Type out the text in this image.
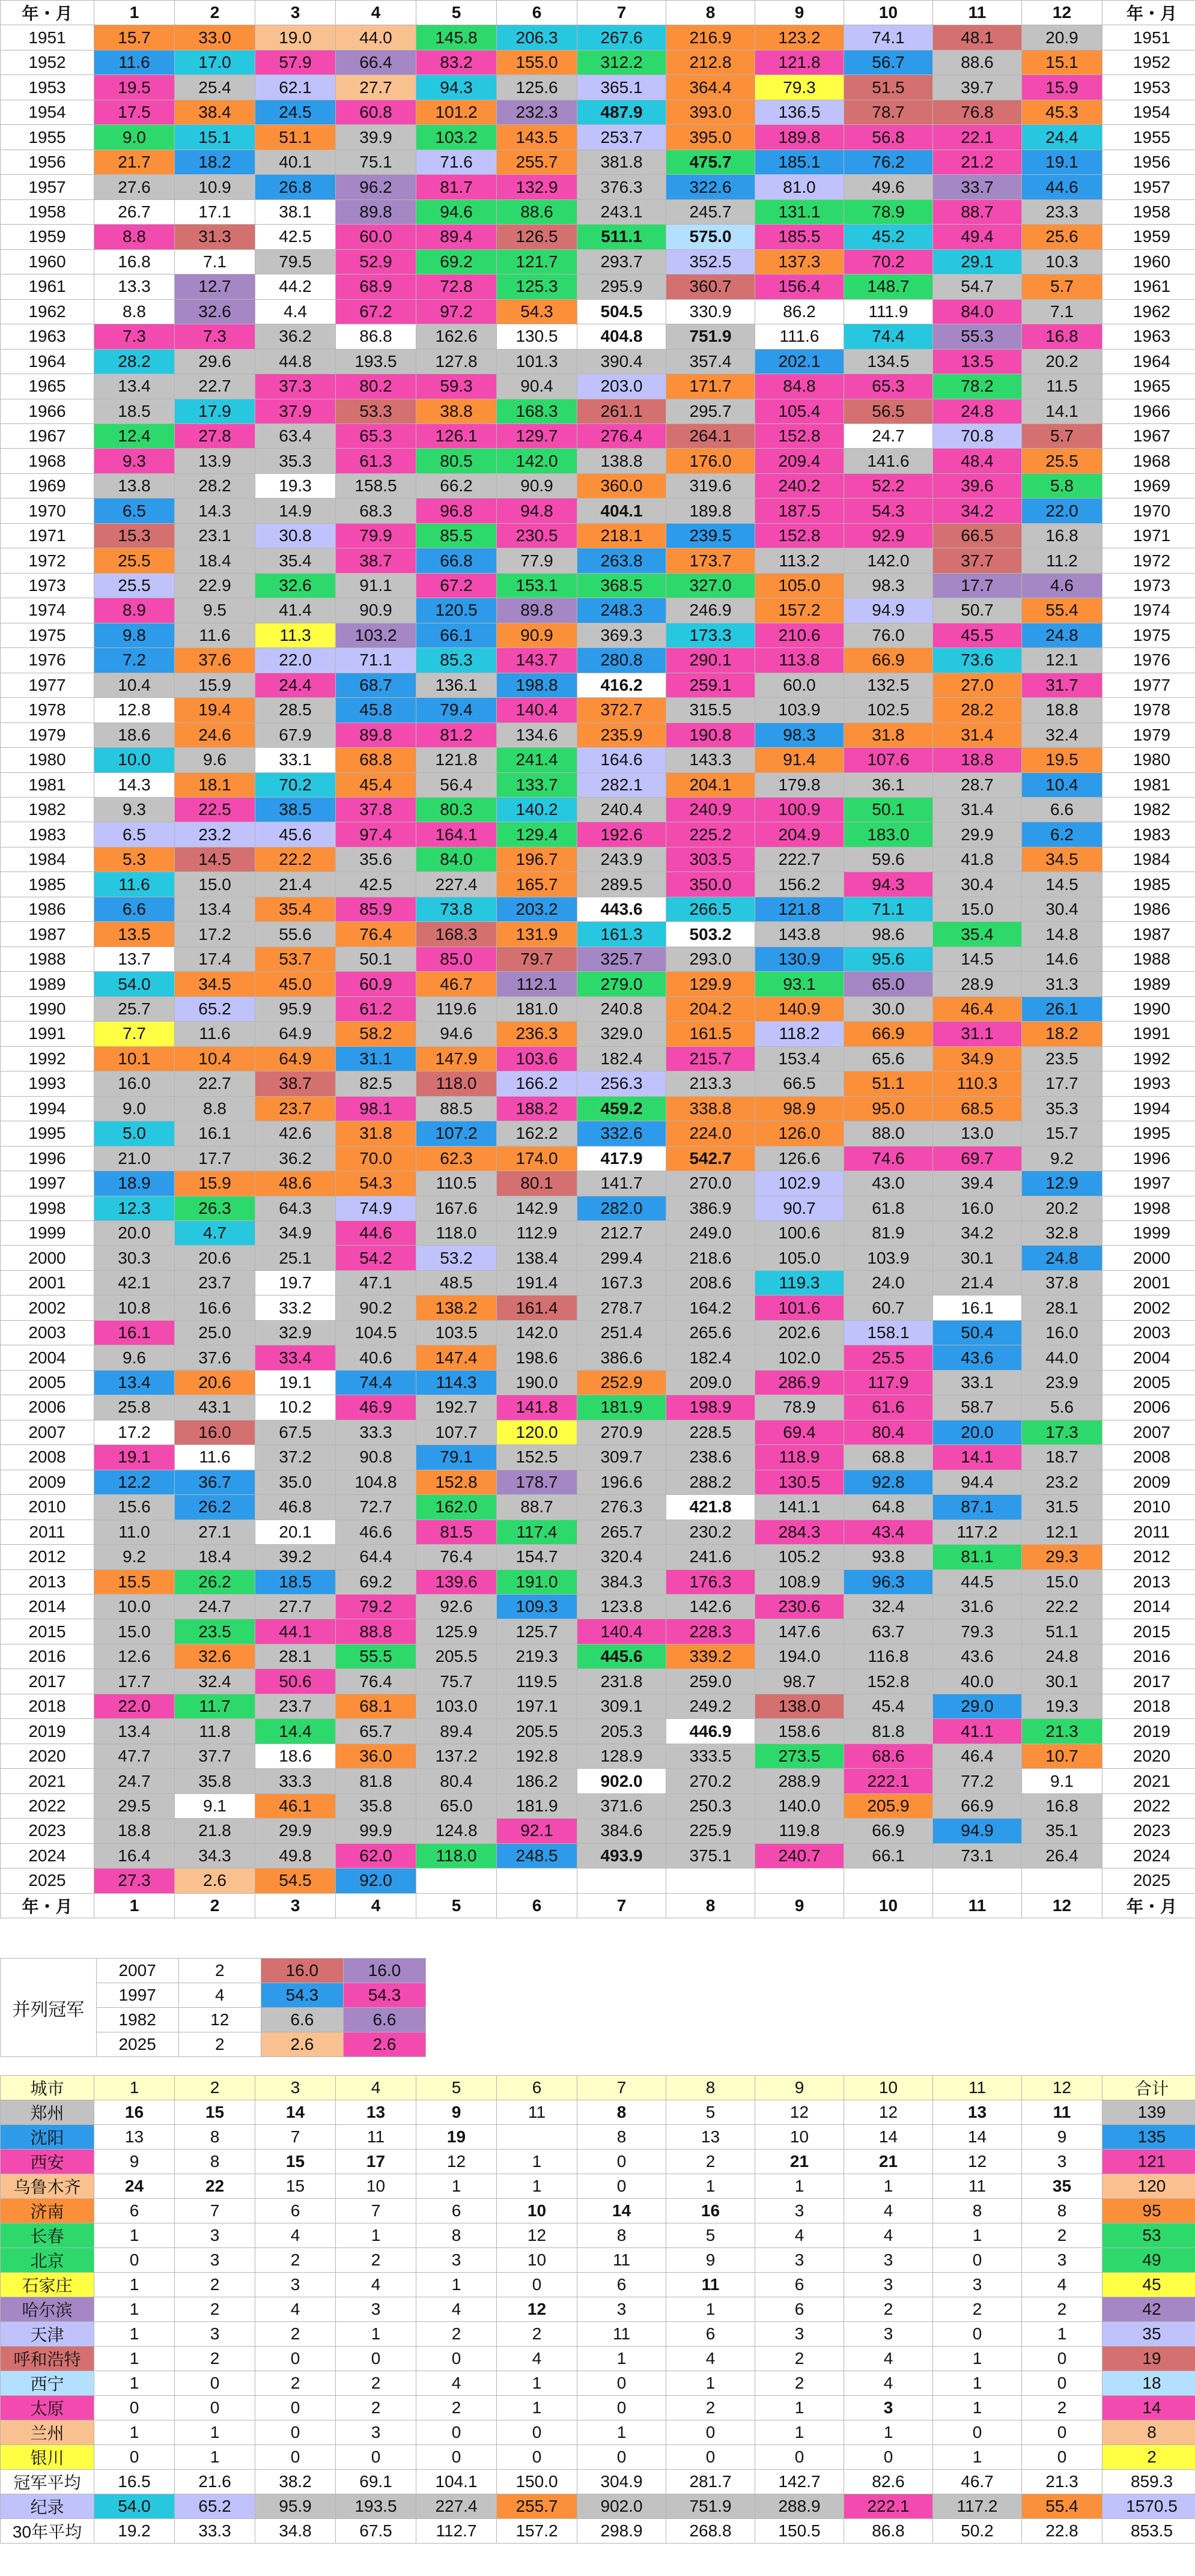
年・月	1	2	3	4	5	6	7	8	9	10	11	12	年・月
1951	15.7	33.0	19.0	44.0	145.8	206.3	267.6	216.9	123.2	74.1	48.1	20.9	1951
1952	11.6	17.0	57.9	66.4	83.2	155.0	312.2	212.8	121.8	56.7	88.6	15.1	1952
1953	19.5	25.4	62.1	27.7	94.3	125.6	365.1	364.4	79.3	51.5	39.7	15.9	1953
1954	17.5	38.4	24.5	60.8	101.2	232.3	487.9	393.0	136.5	78.7	76.8	45.3	1954
1955	9.0	15.1	51.1	39.9	103.2	143.5	253.7	395.0	189.8	56.8	22.1	24.4	1955
1956	21.7	18.2	40.1	75.1	71.6	255.7	381.8	475.7	185.1	76.2	21.2	19.1	1956
1957	27.6	10.9	26.8	96.2	81.7	132.9	376.3	322.6	81.0	49.6	33.7	44.6	1957
1958	26.7	17.1	38.1	89.8	94.6	88.6	243.1	245.7	131.1	78.9	88.7	23.3	1958
1959	8.8	31.3	42.5	60.0	89.4	126.5	511.1	575.0	185.5	45.2	49.4	25.6	1959
1960	16.8	7.1	79.5	52.9	69.2	121.7	293.7	352.5	137.3	70.2	29.1	10.3	1960
1961	13.3	12.7	44.2	68.9	72.8	125.3	295.9	360.7	156.4	148.7	54.7	5.7	1961
1962	8.8	32.6	4.4	67.2	97.2	54.3	504.5	330.9	86.2	111.9	84.0	7.1	1962
1963	7.3	7.3	36.2	86.8	162.6	130.5	404.8	751.9	111.6	74.4	55.3	16.8	1963
1964	28.2	29.6	44.8	193.5	127.8	101.3	390.4	357.4	202.1	134.5	13.5	20.2	1964
1965	13.4	22.7	37.3	80.2	59.3	90.4	203.0	171.7	84.8	65.3	78.2	11.5	1965
1966	18.5	17.9	37.9	53.3	38.8	168.3	261.1	295.7	105.4	56.5	24.8	14.1	1966
1967	12.4	27.8	63.4	65.3	126.1	129.7	276.4	264.1	152.8	24.7	70.8	5.7	1967
1968	9.3	13.9	35.3	61.3	80.5	142.0	138.8	176.0	209.4	141.6	48.4	25.5	1968
1969	13.8	28.2	19.3	158.5	66.2	90.9	360.0	319.6	240.2	52.2	39.6	5.8	1969
1970	6.5	14.3	14.9	68.3	96.8	94.8	404.1	189.8	187.5	54.3	34.2	22.0	1970
1971	15.3	23.1	30.8	79.9	85.5	230.5	218.1	239.5	152.8	92.9	66.5	16.8	1971
1972	25.5	18.4	35.4	38.7	66.8	77.9	263.8	173.7	113.2	142.0	37.7	11.2	1972
1973	25.5	22.9	32.6	91.1	67.2	153.1	368.5	327.0	105.0	98.3	17.7	4.6	1973
1974	8.9	9.5	41.4	90.9	120.5	89.8	248.3	246.9	157.2	94.9	50.7	55.4	1974
1975	9.8	11.6	11.3	103.2	66.1	90.9	369.3	173.3	210.6	76.0	45.5	24.8	1975
1976	7.2	37.6	22.0	71.1	85.3	143.7	280.8	290.1	113.8	66.9	73.6	12.1	1976
1977	10.4	15.9	24.4	68.7	136.1	198.8	416.2	259.1	60.0	132.5	27.0	31.7	1977
1978	12.8	19.4	28.5	45.8	79.4	140.4	372.7	315.5	103.9	102.5	28.2	18.8	1978
1979	18.6	24.6	67.9	89.8	81.2	134.6	235.9	190.8	98.3	31.8	31.4	32.4	1979
1980	10.0	9.6	33.1	68.8	121.8	241.4	164.6	143.3	91.4	107.6	18.8	19.5	1980
1981	14.3	18.1	70.2	45.4	56.4	133.7	282.1	204.1	179.8	36.1	28.7	10.4	1981
1982	9.3	22.5	38.5	37.8	80.3	140.2	240.4	240.9	100.9	50.1	31.4	6.6	1982
1983	6.5	23.2	45.6	97.4	164.1	129.4	192.6	225.2	204.9	183.0	29.9	6.2	1983
1984	5.3	14.5	22.2	35.6	84.0	196.7	243.9	303.5	222.7	59.6	41.8	34.5	1984
1985	11.6	15.0	21.4	42.5	227.4	165.7	289.5	350.0	156.2	94.3	30.4	14.5	1985
1986	6.6	13.4	35.4	85.9	73.8	203.2	443.6	266.5	121.8	71.1	15.0	30.4	1986
1987	13.5	17.2	55.6	76.4	168.3	131.9	161.3	503.2	143.8	98.6	35.4	14.8	1987
1988	13.7	17.4	53.7	50.1	85.0	79.7	325.7	293.0	130.9	95.6	14.5	14.6	1988
1989	54.0	34.5	45.0	60.9	46.7	112.1	279.0	129.9	93.1	65.0	28.9	31.3	1989
1990	25.7	65.2	95.9	61.2	119.6	181.0	240.8	204.2	140.9	30.0	46.4	26.1	1990
1991	7.7	11.6	64.9	58.2	94.6	236.3	329.0	161.5	118.2	66.9	31.1	18.2	1991
1992	10.1	10.4	64.9	31.1	147.9	103.6	182.4	215.7	153.4	65.6	34.9	23.5	1992
1993	16.0	22.7	38.7	82.5	118.0	166.2	256.3	213.3	66.5	51.1	110.3	17.7	1993
1994	9.0	8.8	23.7	98.1	88.5	188.2	459.2	338.8	98.9	95.0	68.5	35.3	1994
1995	5.0	16.1	42.6	31.8	107.2	162.2	332.6	224.0	126.0	88.0	13.0	15.7	1995
1996	21.0	17.7	36.2	70.0	62.3	174.0	417.9	542.7	126.6	74.6	69.7	9.2	1996
1997	18.9	15.9	48.6	54.3	110.5	80.1	141.7	270.0	102.9	43.0	39.4	12.9	1997
1998	12.3	26.3	64.3	74.9	167.6	142.9	282.0	386.9	90.7	61.8	16.0	20.2	1998
1999	20.0	4.7	34.9	44.6	118.0	112.9	212.7	249.0	100.6	81.9	34.2	32.8	1999
2000	30.3	20.6	25.1	54.2	53.2	138.4	299.4	218.6	105.0	103.9	30.1	24.8	2000
2001	42.1	23.7	19.7	47.1	48.5	191.4	167.3	208.6	119.3	24.0	21.4	37.8	2001
2002	10.8	16.6	33.2	90.2	138.2	161.4	278.7	164.2	101.6	60.7	16.1	28.1	2002
2003	16.1	25.0	32.9	104.5	103.5	142.0	251.4	265.6	202.6	158.1	50.4	16.0	2003
2004	9.6	37.6	33.4	40.6	147.4	198.6	386.6	182.4	102.0	25.5	43.6	44.0	2004
2005	13.4	20.6	19.1	74.4	114.3	190.0	252.9	209.0	286.9	117.9	33.1	23.9	2005
2006	25.8	43.1	10.2	46.9	192.7	141.8	181.9	198.9	78.9	61.6	58.7	5.6	2006
2007	17.2	16.0	67.5	33.3	107.7	120.0	270.9	228.5	69.4	80.4	20.0	17.3	2007
2008	19.1	11.6	37.2	90.8	79.1	152.5	309.7	238.6	118.9	68.8	14.1	18.7	2008
2009	12.2	36.7	35.0	104.8	152.8	178.7	196.6	288.2	130.5	92.8	94.4	23.2	2009
2010	15.6	26.2	46.8	72.7	162.0	88.7	276.3	421.8	141.1	64.8	87.1	31.5	2010
2011	11.0	27.1	20.1	46.6	81.5	117.4	265.7	230.2	284.3	43.4	117.2	12.1	2011
2012	9.2	18.4	39.2	64.4	76.4	154.7	320.4	241.6	105.2	93.8	81.1	29.3	2012
2013	15.5	26.2	18.5	69.2	139.6	191.0	384.3	176.3	108.9	96.3	44.5	15.0	2013
2014	10.0	24.7	27.7	79.2	92.6	109.3	123.8	142.6	230.6	32.4	31.6	22.2	2014
2015	15.0	23.5	44.1	88.8	125.9	125.7	140.4	228.3	147.6	63.7	79.3	51.1	2015
2016	12.6	32.6	28.1	55.5	205.5	219.3	445.6	339.2	194.0	116.8	43.6	24.8	2016
2017	17.7	32.4	50.6	76.4	75.7	119.5	231.8	259.0	98.7	152.8	40.0	30.1	2017
2018	22.0	11.7	23.7	68.1	103.0	197.1	309.1	249.2	138.0	45.4	29.0	19.3	2018
2019	13.4	11.8	14.4	65.7	89.4	205.5	205.3	446.9	158.6	81.8	41.1	21.3	2019
2020	47.7	37.7	18.6	36.0	137.2	192.8	128.9	333.5	273.5	68.6	46.4	10.7	2020
2021	24.7	35.8	33.3	81.8	80.4	186.2	902.0	270.2	288.9	222.1	77.2	9.1	2021
2022	29.5	9.1	46.1	35.8	65.0	181.9	371.6	250.3	140.0	205.9	66.9	16.8	2022
2023	18.8	21.8	29.9	99.9	124.8	92.1	384.6	225.9	119.8	66.9	94.9	35.1	2023
2024	16.4	34.3	49.8	62.0	118.0	248.5	493.9	375.1	240.7	66.1	73.1	26.4	2024
2025	27.3	2.6	54.5	92.0									2025
年・月	1	2	3	4	5	6	7	8	9	10	11	12	年・月
并列冠军	2007	2	16.0	16.0
	1997	4	54.3	54.3
	1982	12	6.6	6.6
	2025	2	2.6	2.6
城市	1	2	3	4	5	6	7	8	9	10	11	12	合计
郑州	16	15	14	13	9	11	8	5	12	12	13	11	139
沈阳	13	8	7	11	19		8	13	10	14	14	9	135
西安	9	8	15	17	12	1	0	2	21	21	12	3	121
乌鲁木齐	24	22	15	10	1	1	0	1	1	1	11	35	120
济南	6	7	6	7	6	10	14	16	3	4	8	8	95
长春	1	3	4	1	8	12	8	5	4	4	1	2	53
北京	0	3	2	2	3	10	11	9	3	3	0	3	49
石家庄	1	2	3	4	1	0	6	11	6	3	3	4	45
哈尔滨	1	2	4	3	4	12	3	1	6	2	2	2	42
天津	1	3	2	1	2	2	11	6	3	3	0	1	35
呼和浩特	1	2	0	0	0	4	1	4	2	4	1	0	19
西宁	1	0	2	2	4	1	0	1	2	4	1	0	18
太原	0	0	0	2	2	1	0	2	1	3	1	2	14
兰州	1	1	0	3	0	0	1	0	1	1	0	0	8
银川	0	1	0	0	0	0	0	0	0	0	1	0	2
冠军平均	16.5	21.6	38.2	69.1	104.1	150.0	304.9	281.7	142.7	82.6	46.7	21.3	859.3
纪录	54.0	65.2	95.9	193.5	227.4	255.7	902.0	751.9	288.9	222.1	117.2	55.4	1570.5
30年平均	19.2	33.3	34.8	67.5	112.7	157.2	298.9	268.8	150.5	86.8	50.2	22.8	853.5
